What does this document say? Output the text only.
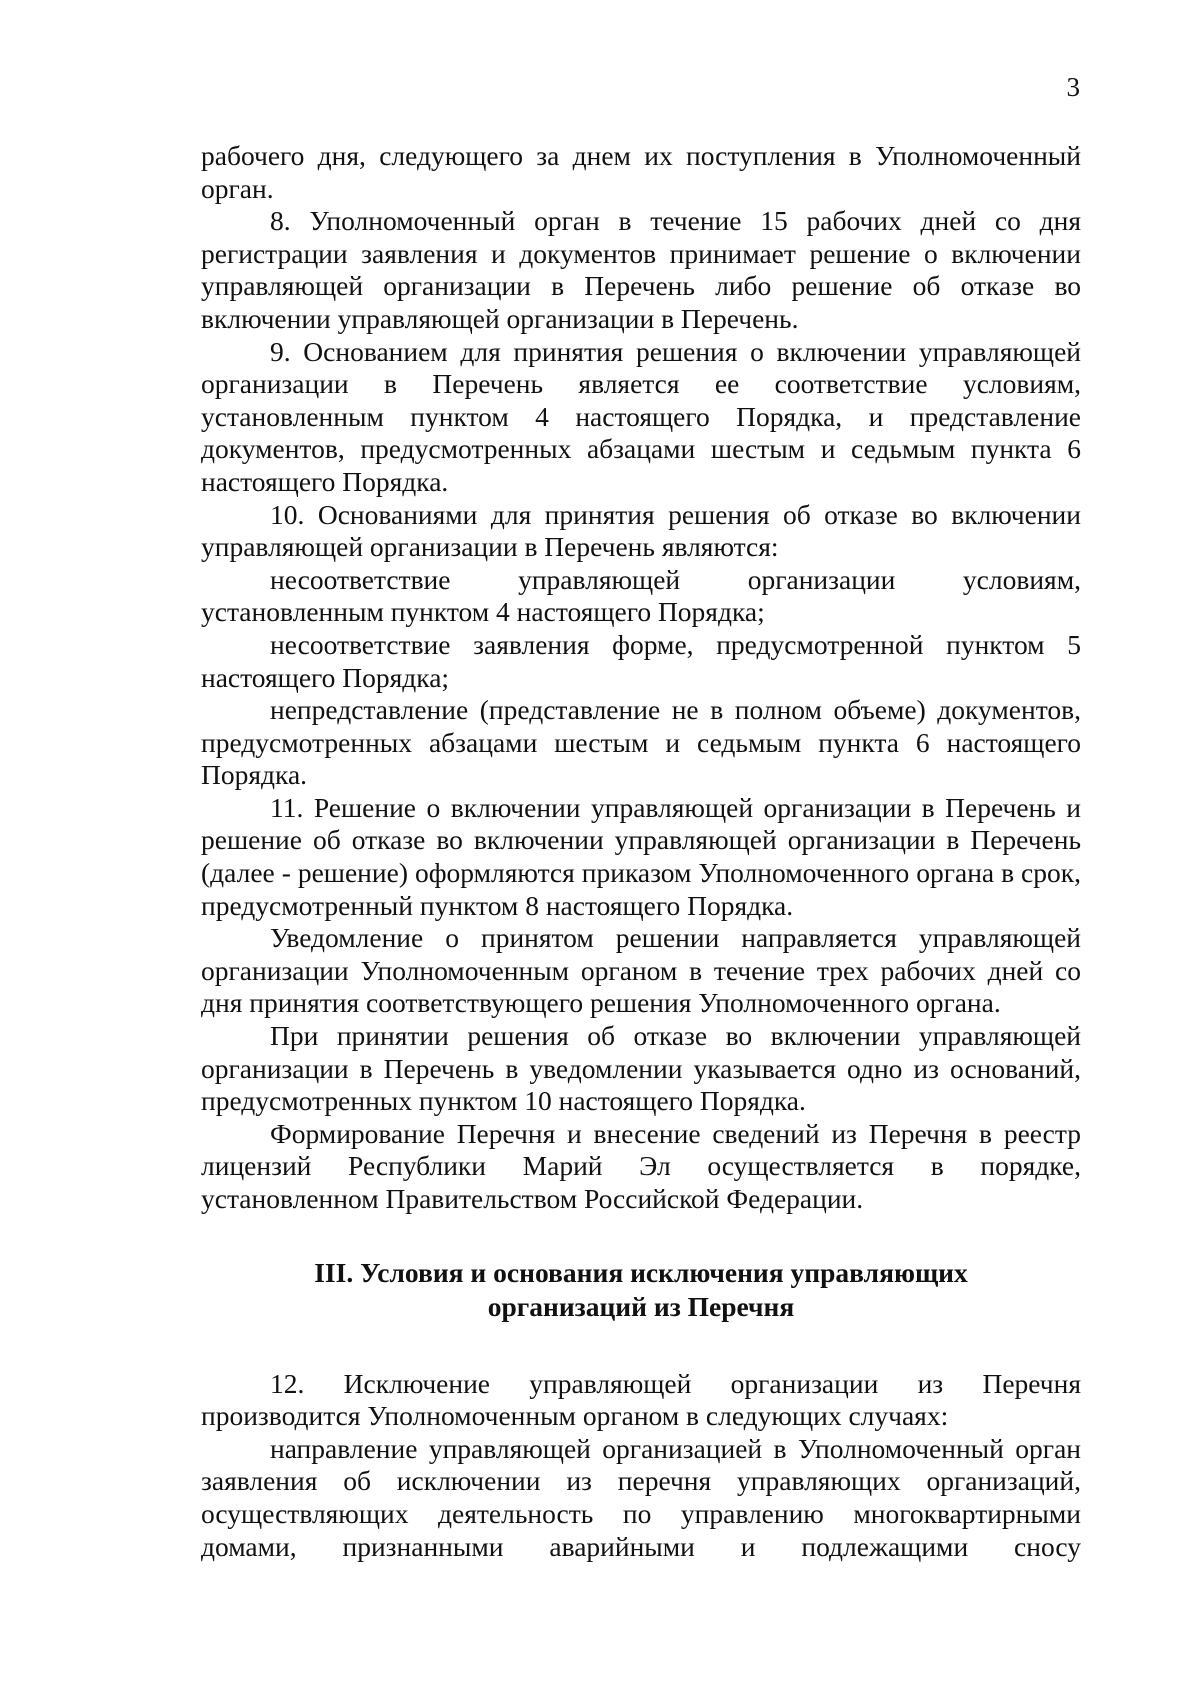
3

рабочего дня, следующего за днем их поступления в Уполномоченный орган.

8. Уполномоченный орган в течение 15 рабочих дней со дня регистрации заявления и документов принимает решение о включении управляющей организации в Перечень либо решение об отказе во включении управляющей организации в Перечень.

9. Основанием для принятия решения о включении управляющей организации в Перечень является ее соответствие условиям, установленным пунктом 4 настоящего Порядка, и представление документов, предусмотренных абзацами шестым и седьмым пункта 6 настоящего Порядка.

10. Основаниями для принятия решения об отказе во включении управляющей организации в Перечень являются:

несоответствие управляющей организации условиям, установленным пунктом 4 настоящего Порядка;

несоответствие заявления форме, предусмотренной пунктом 5 настоящего Порядка;

непредставление (представление не в полном объеме) документов, предусмотренных абзацами шестым и седьмым пункта 6 настоящего Порядка.

11. Решение о включении управляющей организации в Перечень и решение об отказе во включении управляющей организации в Перечень (далее - решение) оформляются приказом Уполномоченного органа в срок, предусмотренный пунктом 8 настоящего Порядка.

Уведомление о принятом решении направляется управляющей организации Уполномоченным органом в течение трех рабочих дней со дня принятия соответствующего решения Уполномоченного органа.

При принятии решения об отказе во включении управляющей организации в Перечень в уведомлении указывается одно из оснований, предусмотренных пунктом 10 настоящего Порядка.

Формирование Перечня и внесение сведений из Перечня в реестр лицензий Республики Марий Эл осуществляется в порядке, установленном Правительством Российской Федерации.

III. Условия и основания исключения управляющих
организаций из Перечня

12. Исключение управляющей организации из Перечня производится Уполномоченным органом в следующих случаях:

направление управляющей организацией в Уполномоченный орган заявления об исключении из перечня управляющих организаций, осуществляющих деятельность по управлению многоквартирными домами, признанными аварийными и подлежащими сносу
